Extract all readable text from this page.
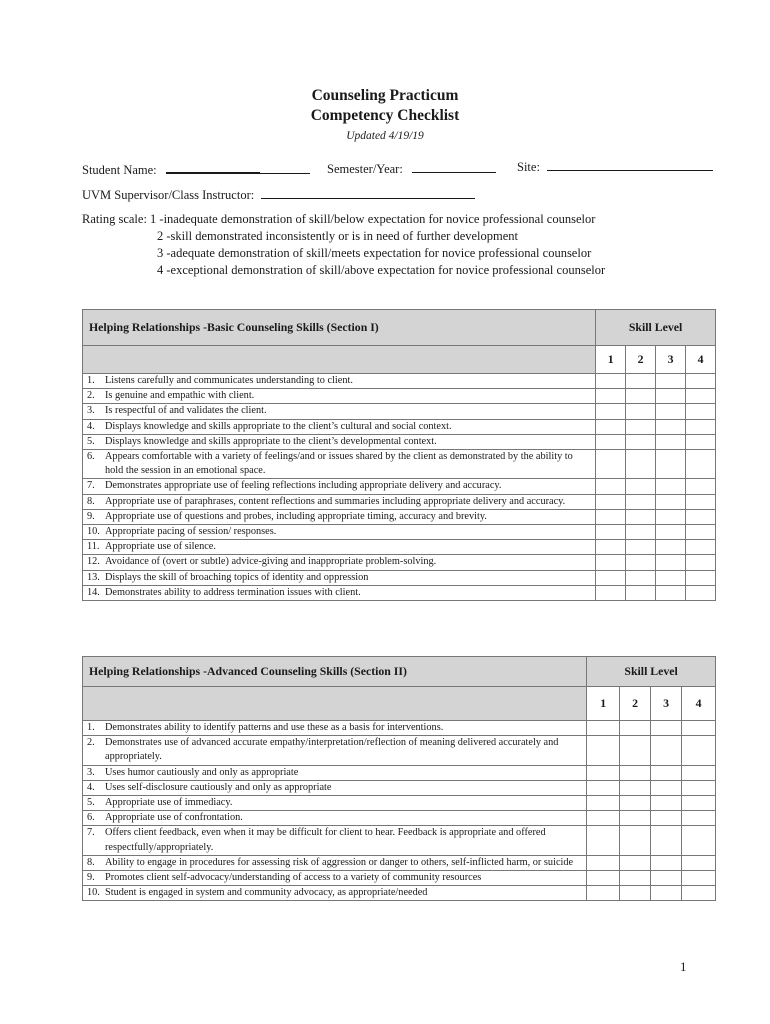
Counseling Practicum
Competency Checklist
Updated 4/19/19
Student Name:	Semester/Year:	Site:
UVM Supervisor/Class Instructor:
Rating scale: 1 -inadequate demonstration of skill/below expectation for novice professional counselor
2 -skill demonstrated inconsistently or is in need of further development
3 -adequate demonstration of skill/meets expectation for novice professional counselor
4 -exceptional demonstration of skill/above expectation for novice professional counselor
Helping Relationships -Basic Counseling Skills (Section I)	Skill Level			
	1	2	3	4

1. Listens carefully and communicates understanding to client.				

2. Is genuine and empathic with client.				

3. Is respectful of and validates the client.				

4. Displays knowledge and skills appropriate to the client’s cultural and social context.				

5. Displays knowledge and skills appropriate to the client’s developmental context.				

6. Appears comfortable with a variety of feelings/and or issues shared by the client as demonstrated by the ability to hold the session in an emotional space.				

7. Demonstrates appropriate use of feeling reflections including appropriate delivery and accuracy.				

8. Appropriate use of paraphrases, content reflections and summaries including appropriate delivery and accuracy.				

9. Appropriate use of questions and probes, including appropriate timing, accuracy and brevity.				

10. Appropriate pacing of session/ responses.				

11. Appropriate use of silence.				

12. Avoidance of (overt or subtle) advice-giving and inappropriate problem-solving.				

13. Displays the skill of broaching topics of identity and oppression				

14. Demonstrates ability to address termination issues with client.				

Helping Relationships -Advanced Counseling Skills (Section II)	Skill Level			
	1	2	3	4

1. Demonstrates ability to identify patterns and use these as a basis for interventions.				

2. Demonstrates use of advanced accurate empathy/interpretation/reflection of meaning delivered accurately and appropriately.				

3. Uses humor cautiously and only as appropriate				

4. Uses self-disclosure cautiously and only as appropriate				

5. Appropriate use of immediacy.				

6. Appropriate use of confrontation.				

7. Offers client feedback, even when it may be difficult for client to hear. Feedback is appropriate and offered respectfully/appropriately.				

8. Ability to engage in procedures for assessing risk of aggression or danger to others, self-inflicted harm, or suicide				

9. Promotes client self-advocacy/understanding of access to a variety of community resources				

10. Student is engaged in system and community advocacy, as appropriate/needed				

1
